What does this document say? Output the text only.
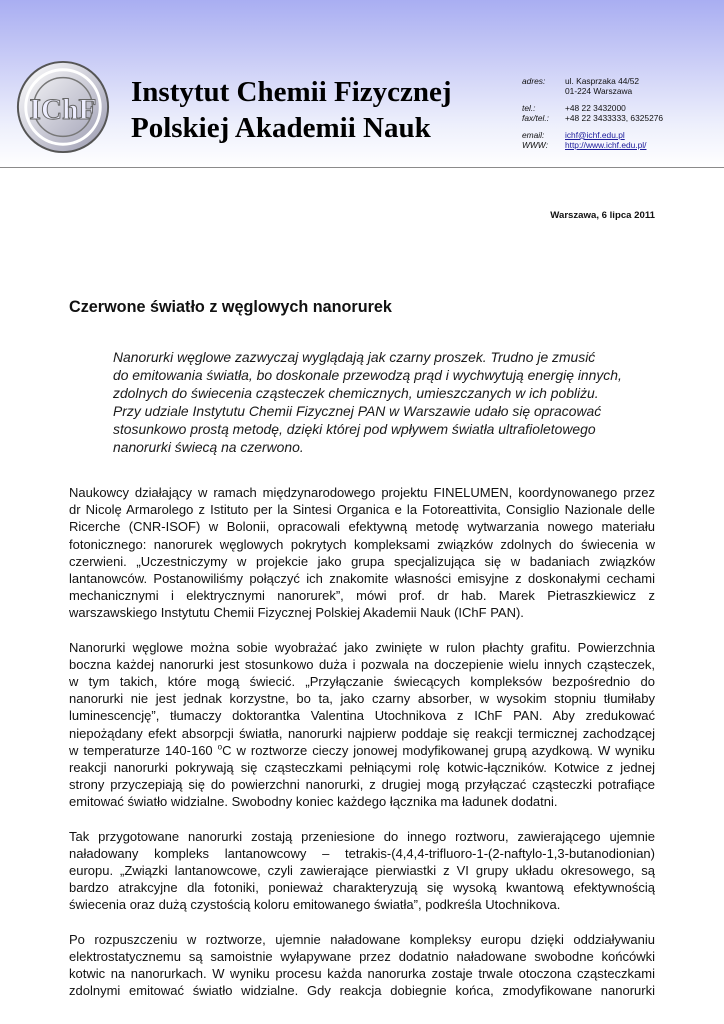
IChF
Instytut Chemii Fizycznej
Polskiej Akademii Nauk
adres:	ul. Kasprzaka 44/52
01-224 Warszawa
tel.:	+48 22 3432000
fax/tel.:	+48 22 3433333, 6325276
email:	ichf@ichf.edu.pl
WWW:	http://www.ichf.edu.pl/
Warszawa, 6 lipca 2011
Czerwone światło z węglowych nanorurek
Nanorurki węglowe zazwyczaj wyglądają jak czarny proszek. Trudno je zmusić
do emitowania światła, bo doskonale przewodzą prąd i wychwytują energię innych,
zdolnych do świecenia cząsteczek chemicznych, umieszczanych w ich pobliżu.
Przy udziale Instytutu Chemii Fizycznej PAN w Warszawie udało się opracować
stosunkowo prostą metodę, dzięki której pod wpływem światła ultrafioletowego
nanorurki świecą na czerwono.
Naukowcy działający w ramach międzynarodowego projektu FINELUMEN, koordynowanego przez
dr Nicolę Armarolego z Istituto per la Sintesi Organica e la Fotoreattivita, Consiglio Nazionale delle
Ricerche (CNR-ISOF) w Bolonii, opracowali efektywną metodę wytwarzania nowego materiału
fotonicznego: nanorurek węglowych pokrytych kompleksami związków zdolnych do świecenia w
czerwieni. „Uczestniczymy w projekcie jako grupa specjalizująca się w badaniach związków
lantanowców. Postanowiliśmy połączyć ich znakomite własności emisyjne z doskonałymi cechami
mechanicznymi i elektrycznymi nanorurek”, mówi prof. dr hab. Marek Pietraszkiewicz z
warszawskiego Instytutu Chemii Fizycznej Polskiej Akademii Nauk (IChF PAN).
Nanorurki węglowe można sobie wyobrażać jako zwinięte w rulon płachty grafitu. Powierzchnia
boczna każdej nanorurki jest stosunkowo duża i pozwala na doczepienie wielu innych cząsteczek,
w tym takich, które mogą świecić. „Przyłączanie świecących kompleksów bezpośrednio do
nanorurki nie jest jednak korzystne, bo ta, jako czarny absorber, w wysokim stopniu tłumiłaby
luminescencję”, tłumaczy doktorantka Valentina Utochnikova z IChF PAN. Aby zredukować
niepożądany efekt absorpcji światła, nanorurki najpierw poddaje się reakcji termicznej zachodzącej
w temperaturze 140-160 $^o$C w roztworze cieczy jonowej modyfikowanej grupą azydkową. W wyniku
reakcji nanorurki pokrywają się cząsteczkami pełniącymi rolę kotwic-łączników. Kotwice z jednej
strony przyczepiają się do powierzchni nanorurki, z drugiej mogą przyłączać cząsteczki potrafiące
emitować światło widzialne. Swobodny koniec każdego łącznika ma ładunek dodatni.
Tak przygotowane nanorurki zostają przeniesione do innego roztworu, zawierającego ujemnie
naładowany kompleks lantanowcowy – tetrakis-(4,4,4-trifluoro-1-(2-naftylo-1,3-butanodionian)
europu. „Związki lantanowcowe, czyli zawierające pierwiastki z VI grupy układu okresowego, są
bardzo atrakcyjne dla fotoniki, ponieważ charakteryzują się wysoką kwantową efektywnością
świecenia oraz dużą czystością koloru emitowanego światła”, podkreśla Utochnikova.
Po rozpuszczeniu w roztworze, ujemnie naładowane kompleksy europu dzięki oddziaływaniu
elektrostatycznemu są samoistnie wyłapywane przez dodatnio naładowane swobodne końcówki
kotwic na nanorurkach. W wyniku procesu każda nanorurka zostaje trwale otoczona cząsteczkami
zdolnymi emitować światło widzialne. Gdy reakcja dobiegnie końca, zmodyfikowane nanorurki
